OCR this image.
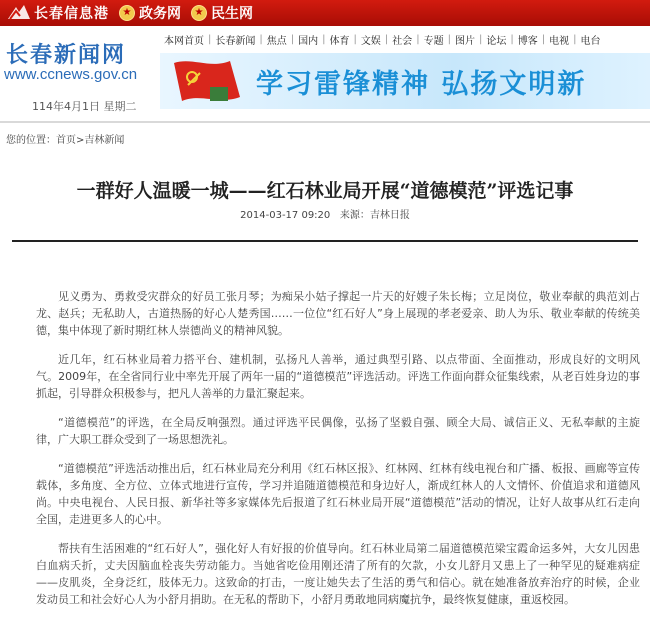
长春信息港	★ 政务网	★ 民生网
长春新闻网
www.ccnews.gov.cn
114年4月1日 星期二
本网首页 | 长春新闻 | 焦点 | 国内 | 体育 | 文娱 | 社会 | 专题 | 图片 | 论坛 | 博客 | 电视 | 电台
学习雷锋精神 弘扬文明新
您的位置：首页>吉林新闻
一群好人温暖一城——红石林业局开展“道德模范”评选记事
2014-03-17 09:20 来源：吉林日报

见义勇为、勇救受灾群众的好员工张月琴；为痴呆小姑子撑起一片天的好嫂子朱长梅；立足岗位，敬业奉献的典范刘占龙、赵兵；无私助人，古道热肠的好心人楚秀国……一位位“红石好人”身上展现的孝老爱亲、助人为乐、敬业奉献的传统美德，集中体现了新时期红林人崇德尚义的精神风貌。

近几年，红石林业局着力搭平台、建机制，弘扬凡人善举，通过典型引路、以点带面、全面推动，形成良好的文明风气。2009年，在全省同行业中率先开展了两年一届的“道德模范”评选活动。评选工作面向群众征集线索，从老百姓身边的事抓起，引导群众积极参与，把凡人善举的力量汇聚起来。

“道德模范”的评选，在全局反响强烈。通过评选平民偶像，弘扬了坚毅自强、顾全大局、诚信正义、无私奉献的主旋律，广大职工群众受到了一场思想洗礼。

“道德模范”评选活动推出后，红石林业局充分利用《红石林区报》、红林网、红林有线电视台和广播、板报、画廊等宣传载体，多角度、全方位、立体式地进行宣传，学习并追随道德模范和身边好人，渐成红林人的人文情怀、价值追求和道德风尚。中央电视台、人民日报、新华社等多家媒体先后报道了红石林业局开展“道德模范”活动的情况，让好人故事从红石走向全国，走进更多人的心中。

帮扶有生活困难的“红石好人”，强化好人有好报的价值导向。红石林业局第二届道德模范梁宝霞命运多舛，大女儿因患白血病夭折，丈夫因脑血栓丧失劳动能力。当她省吃俭用刚还清了所有的欠款，小女儿舒月又患上了一种罕见的疑难病症——皮肌炎，全身泛红，肢体无力。这致命的打击，一度让她失去了生活的勇气和信心。就在她准备放弃治疗的时候，企业发动员工和社会好心人为小舒月捐助。在无私的帮助下，小舒月勇敢地同病魔抗争，最终恢复健康，重返校园。
